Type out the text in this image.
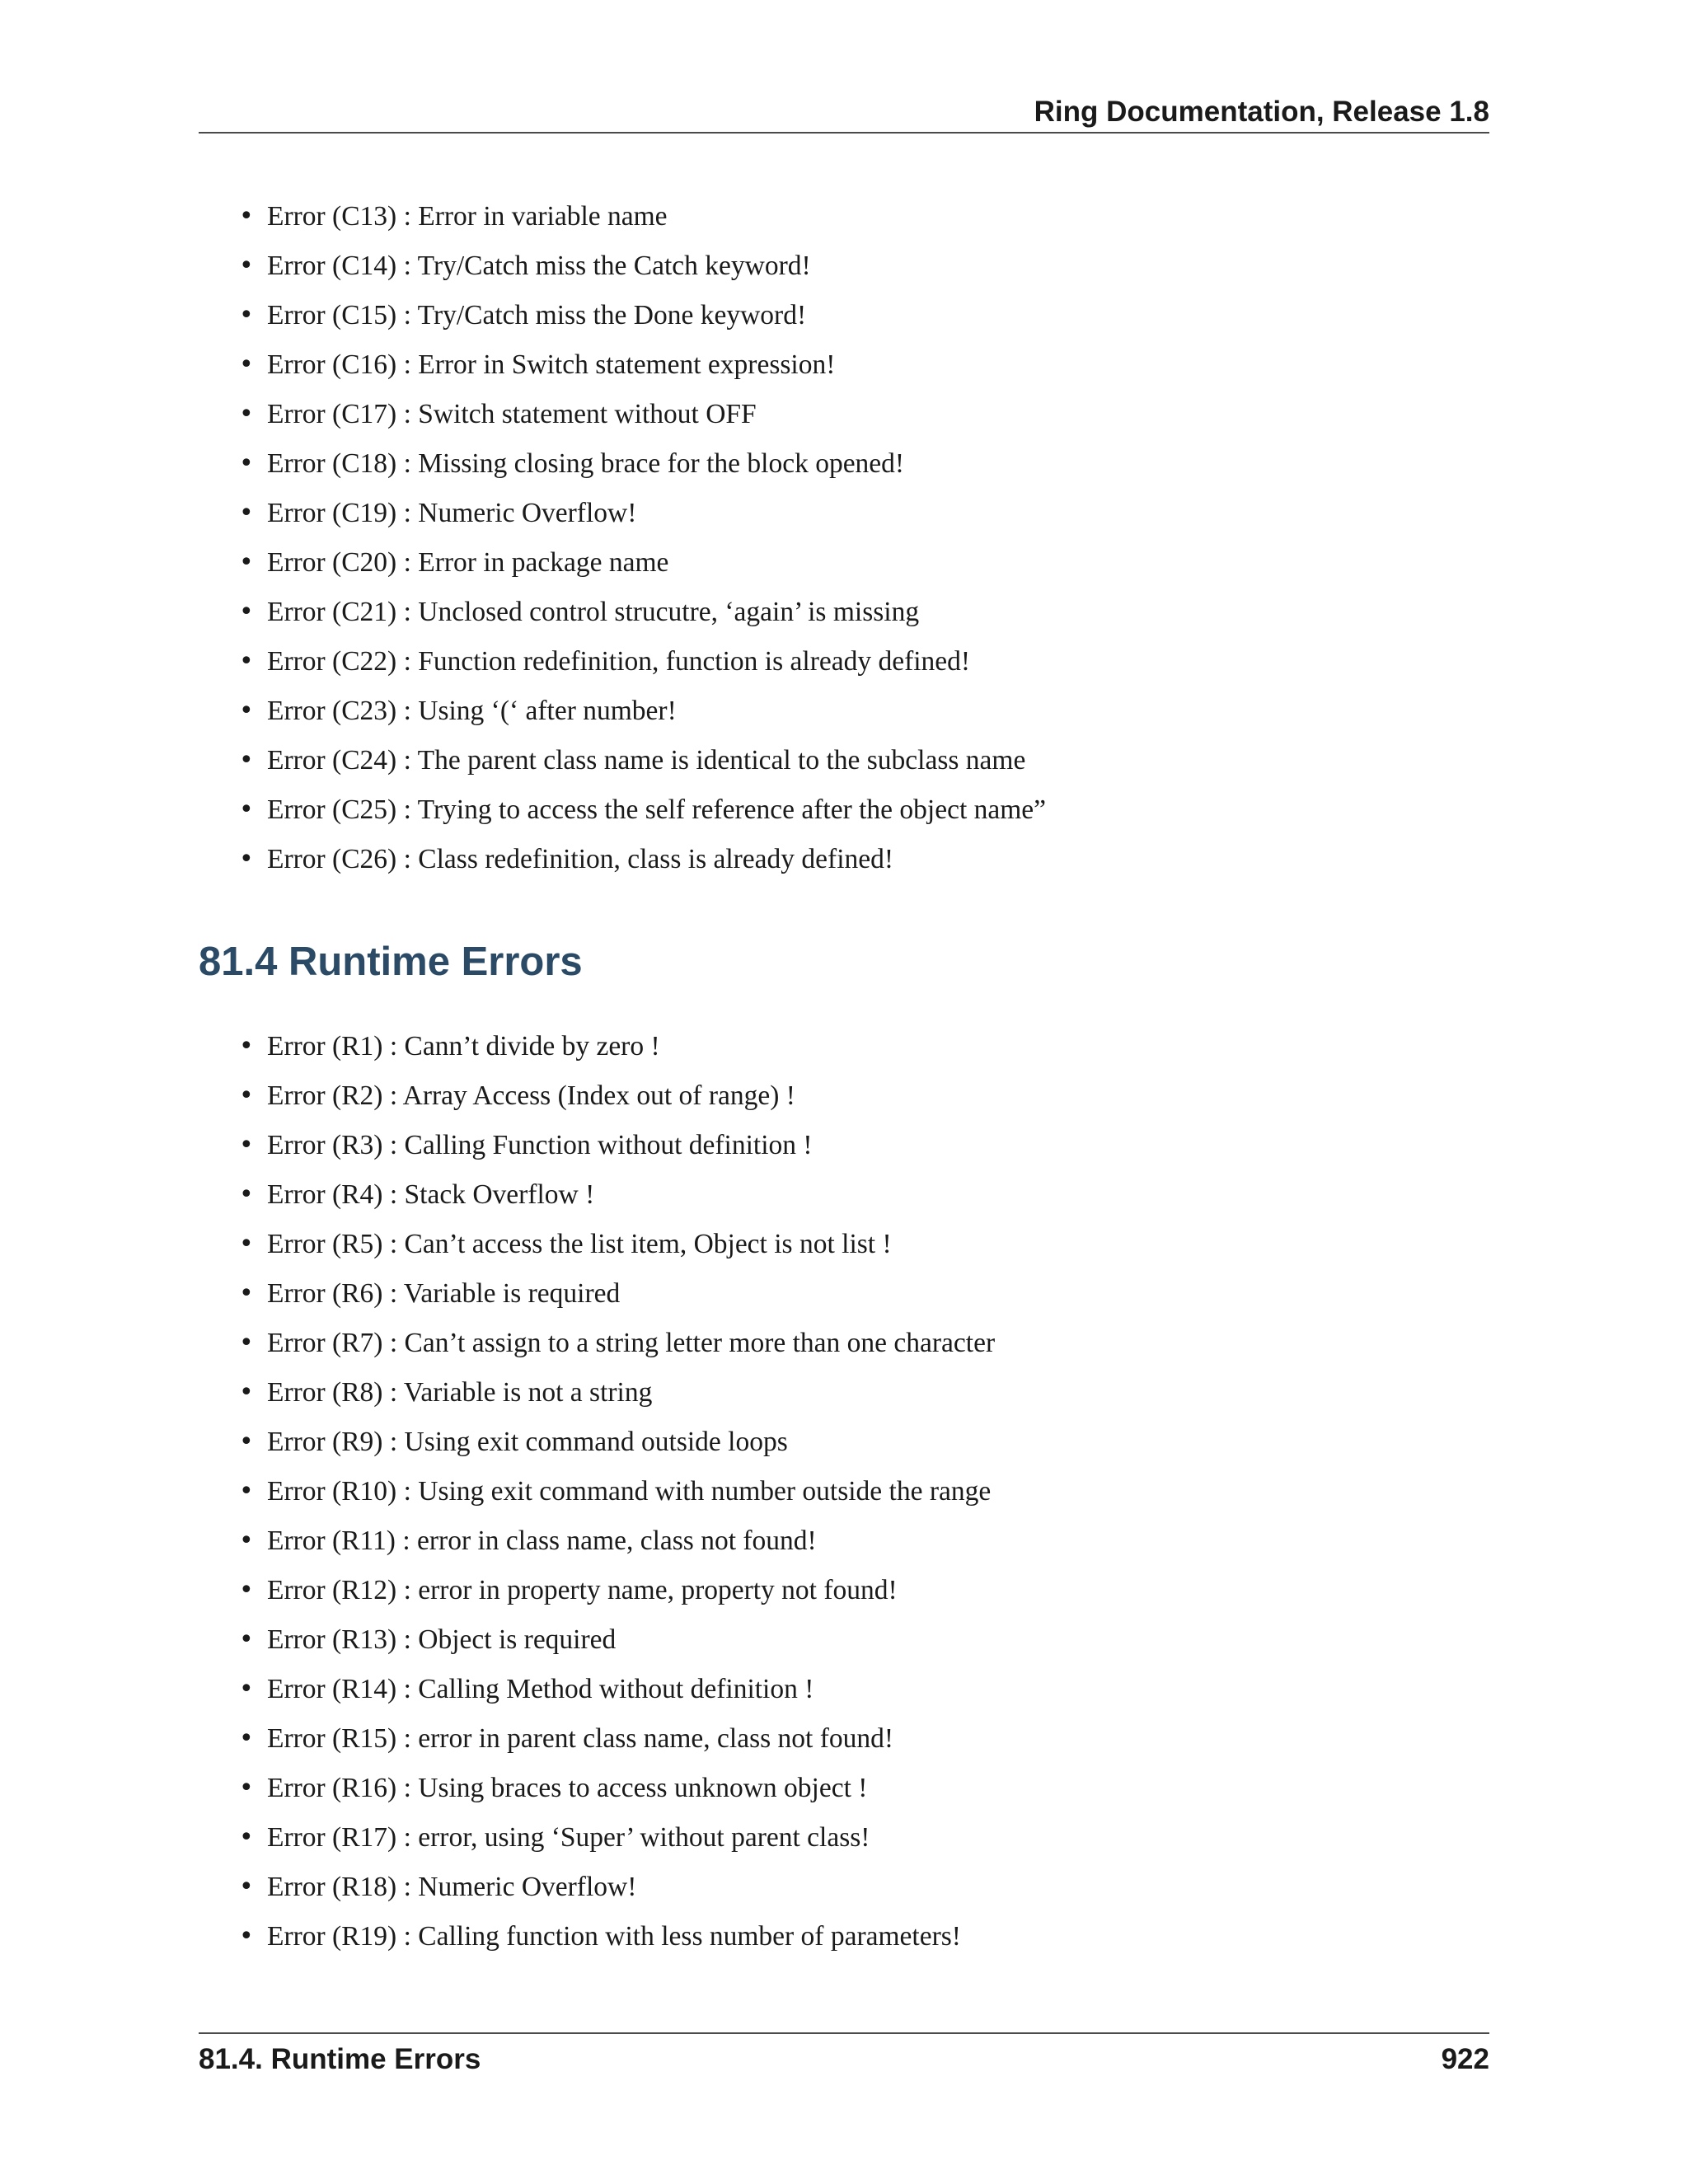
Ring Documentation, Release 1.8
• Error (C13) : Error in variable name
• Error (C14) : Try/Catch miss the Catch keyword!
• Error (C15) : Try/Catch miss the Done keyword!
• Error (C16) : Error in Switch statement expression!
• Error (C17) : Switch statement without OFF
• Error (C18) : Missing closing brace for the block opened!
• Error (C19) : Numeric Overflow!
• Error (C20) : Error in package name
• Error (C21) : Unclosed control strucutre, ‘again’ is missing
• Error (C22) : Function redefinition, function is already defined!
• Error (C23) : Using ‘(‘ after number!
• Error (C24) : The parent class name is identical to the subclass name
• Error (C25) : Trying to access the self reference after the object name”
• Error (C26) : Class redefinition, class is already defined!
81.4 Runtime Errors
• Error (R1) : Cann’t divide by zero !
• Error (R2) : Array Access (Index out of range) !
• Error (R3) : Calling Function without definition !
• Error (R4) : Stack Overflow !
• Error (R5) : Can’t access the list item, Object is not list !
• Error (R6) : Variable is required
• Error (R7) : Can’t assign to a string letter more than one character
• Error (R8) : Variable is not a string
• Error (R9) : Using exit command outside loops
• Error (R10) : Using exit command with number outside the range
• Error (R11) : error in class name, class not found!
• Error (R12) : error in property name, property not found!
• Error (R13) : Object is required
• Error (R14) : Calling Method without definition !
• Error (R15) : error in parent class name, class not found!
• Error (R16) : Using braces to access unknown object !
• Error (R17) : error, using ‘Super’ without parent class!
• Error (R18) : Numeric Overflow!
• Error (R19) : Calling function with less number of parameters!
81.4. Runtime Errors	922
